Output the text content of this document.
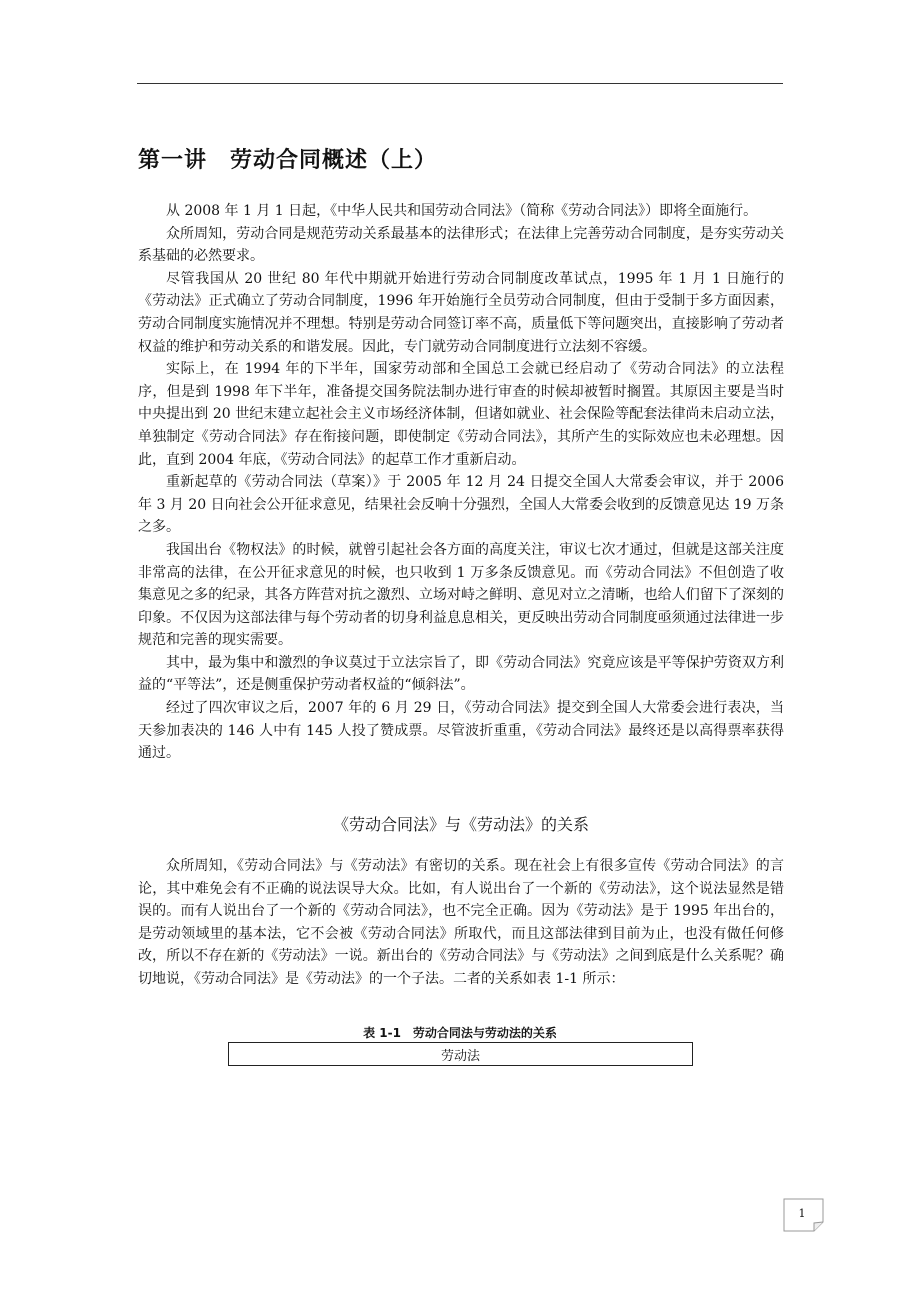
第一讲　劳动合同概述（上）

从 2008 年 1 月 1 日起，《中华人民共和国劳动合同法》（简称《劳动合同法》）即将全面施行。

众所周知，劳动合同是规范劳动关系最基本的法律形式；在法律上完善劳动合同制度，是夯实劳动关系基础的必然要求。

尽管我国从 20 世纪 80 年代中期就开始进行劳动合同制度改革试点，1995 年 1 月 1 日施行的《劳动法》正式确立了劳动合同制度，1996 年开始施行全员劳动合同制度，但由于受制于多方面因素，劳动合同制度实施情况并不理想。特别是劳动合同签订率不高，质量低下等问题突出，直接影响了劳动者权益的维护和劳动关系的和谐发展。因此，专门就劳动合同制度进行立法刻不容缓。

实际上，在 1994 年的下半年，国家劳动部和全国总工会就已经启动了《劳动合同法》的立法程序，但是到 1998 年下半年，准备提交国务院法制办进行审查的时候却被暂时搁置。其原因主要是当时中央提出到 20 世纪末建立起社会主义市场经济体制，但诸如就业、社会保险等配套法律尚未启动立法，单独制定《劳动合同法》存在衔接问题，即使制定《劳动合同法》，其所产生的实际效应也未必理想。因此，直到 2004 年底，《劳动合同法》的起草工作才重新启动。

重新起草的《劳动合同法（草案）》于 2005 年 12 月 24 日提交全国人大常委会审议，并于 2006 年 3 月 20 日向社会公开征求意见，结果社会反响十分强烈，全国人大常委会收到的反馈意见达 19 万条之多。

我国出台《物权法》的时候，就曾引起社会各方面的高度关注，审议七次才通过，但就是这部关注度非常高的法律，在公开征求意见的时候，也只收到 1 万多条反馈意见。而《劳动合同法》不但创造了收集意见之多的纪录，其各方阵营对抗之激烈、立场对峙之鲜明、意见对立之清晰，也给人们留下了深刻的印象。不仅因为这部法律与每个劳动者的切身利益息息相关，更反映出劳动合同制度亟须通过法律进一步规范和完善的现实需要。

其中，最为集中和激烈的争议莫过于立法宗旨了，即《劳动合同法》究竟应该是平等保护劳资双方利益的“平等法”，还是侧重保护劳动者权益的“倾斜法”。

经过了四次审议之后，2007 年的 6 月 29 日，《劳动合同法》提交到全国人大常委会进行表决，当天参加表决的 146 人中有 145 人投了赞成票。尽管波折重重，《劳动合同法》最终还是以高得票率获得通过。

《劳动合同法》与《劳动法》的关系

众所周知，《劳动合同法》与《劳动法》有密切的关系。现在社会上有很多宣传《劳动合同法》的言论，其中难免会有不正确的说法误导大众。比如，有人说出台了一个新的《劳动法》，这个说法显然是错误的。而有人说出台了一个新的《劳动合同法》，也不完全正确。因为《劳动法》是于 1995 年出台的，是劳动领域里的基本法，它不会被《劳动合同法》所取代，而且这部法律到目前为止，也没有做任何修改，所以不存在新的《劳动法》一说。新出台的《劳动合同法》与《劳动法》之间到底是什么关系呢？确切地说，《劳动合同法》是《劳动法》的一个子法。二者的关系如表 1-1 所示：

表 1-1　劳动合同法与劳动法的关系
劳动法
1
